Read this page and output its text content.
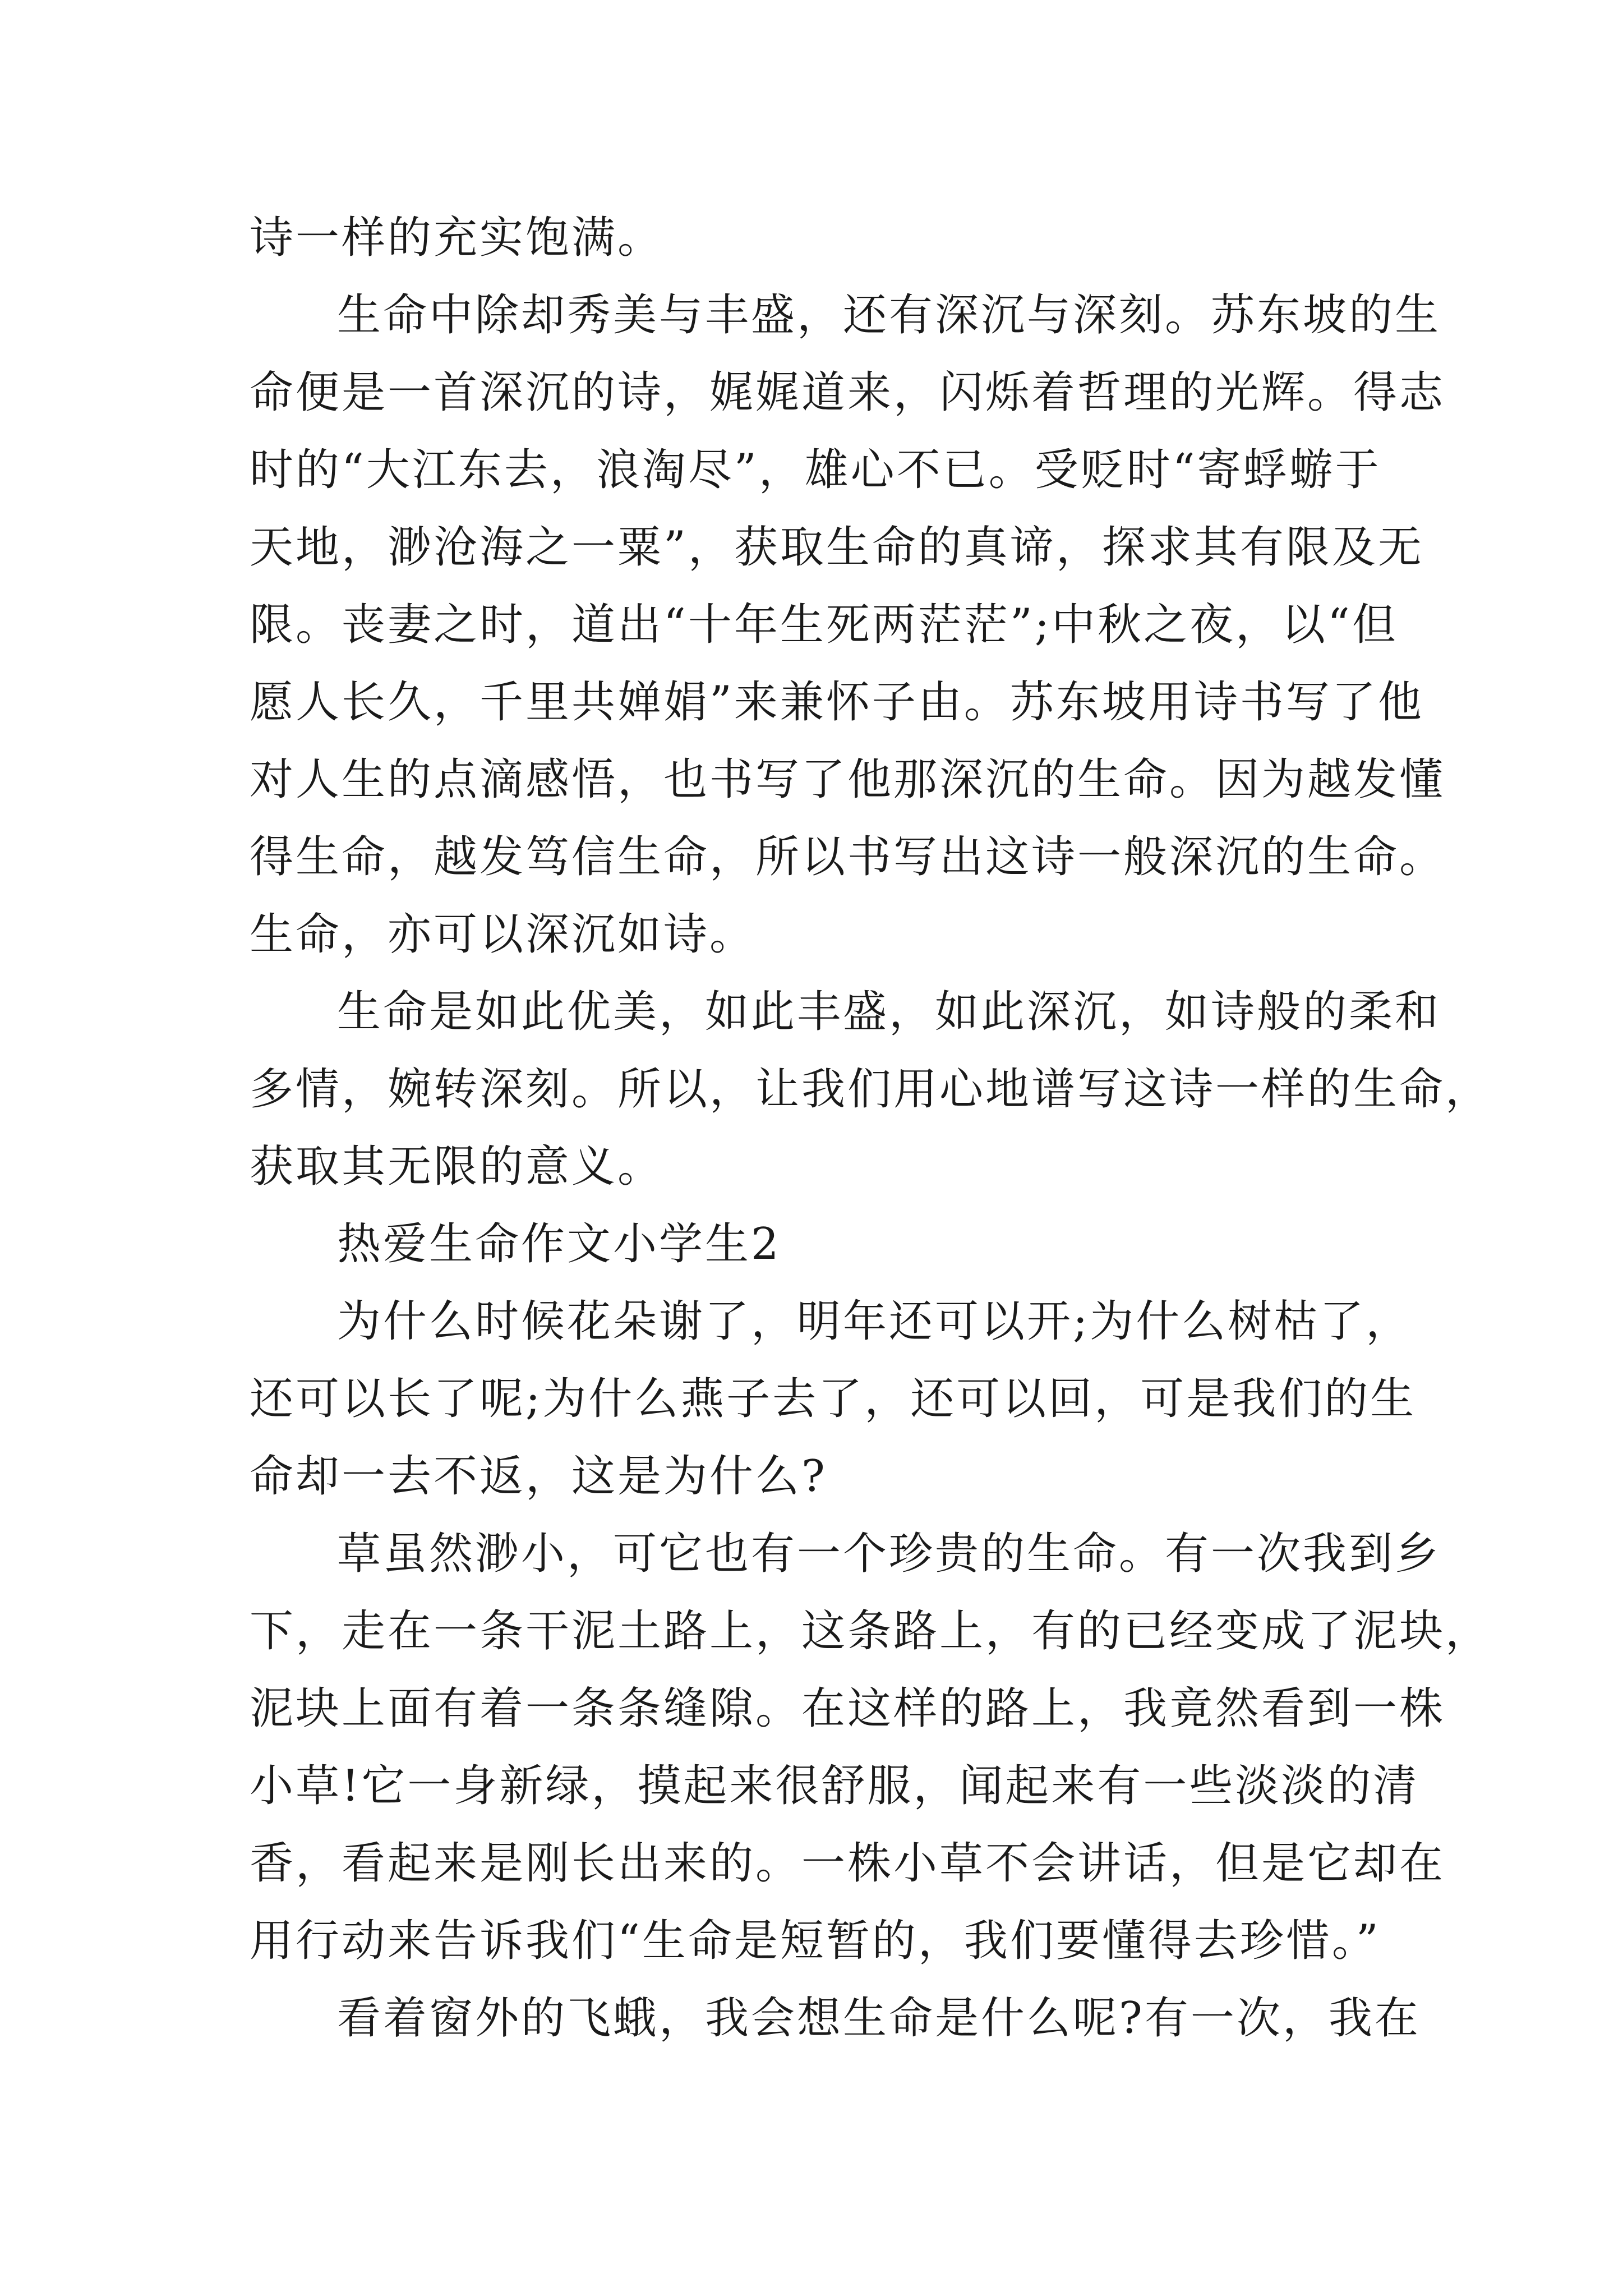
诗一样的充实饱满。
生命中除却秀美与丰盛，还有深沉与深刻。苏东坡的生
命便是一首深沉的诗，娓娓道来，闪烁着哲理的光辉。得志
时的“大江东去，浪淘尽”，雄心不已。受贬时“寄蜉蝣于
天地，渺沧海之一粟”，获取生命的真谛，探求其有限及无
限。丧妻之时，道出“十年生死两茫茫”;中秋之夜，以“但
愿人长久，千里共婵娟”来兼怀子由。苏东坡用诗书写了他
对人生的点滴感悟，也书写了他那深沉的生命。因为越发懂
得生命，越发笃信生命，所以书写出这诗一般深沉的生命。
生命，亦可以深沉如诗。
生命是如此优美，如此丰盛，如此深沉，如诗般的柔和
多情，婉转深刻。所以，让我们用心地谱写这诗一样的生命，
获取其无限的意义。
热爱生命作文小学生2
为什么时候花朵谢了，明年还可以开;为什么树枯了，
还可以长了呢;为什么燕子去了，还可以回，可是我们的生
命却一去不返，这是为什么?
草虽然渺小，可它也有一个珍贵的生命。有一次我到乡
下，走在一条干泥土路上，这条路上，有的已经变成了泥块，
泥块上面有着一条条缝隙。在这样的路上，我竟然看到一株
小草!它一身新绿，摸起来很舒服，闻起来有一些淡淡的清
香，看起来是刚长出来的。一株小草不会讲话，但是它却在
用行动来告诉我们“生命是短暂的，我们要懂得去珍惜。”
看着窗外的飞蛾，我会想生命是什么呢?有一次，我在
